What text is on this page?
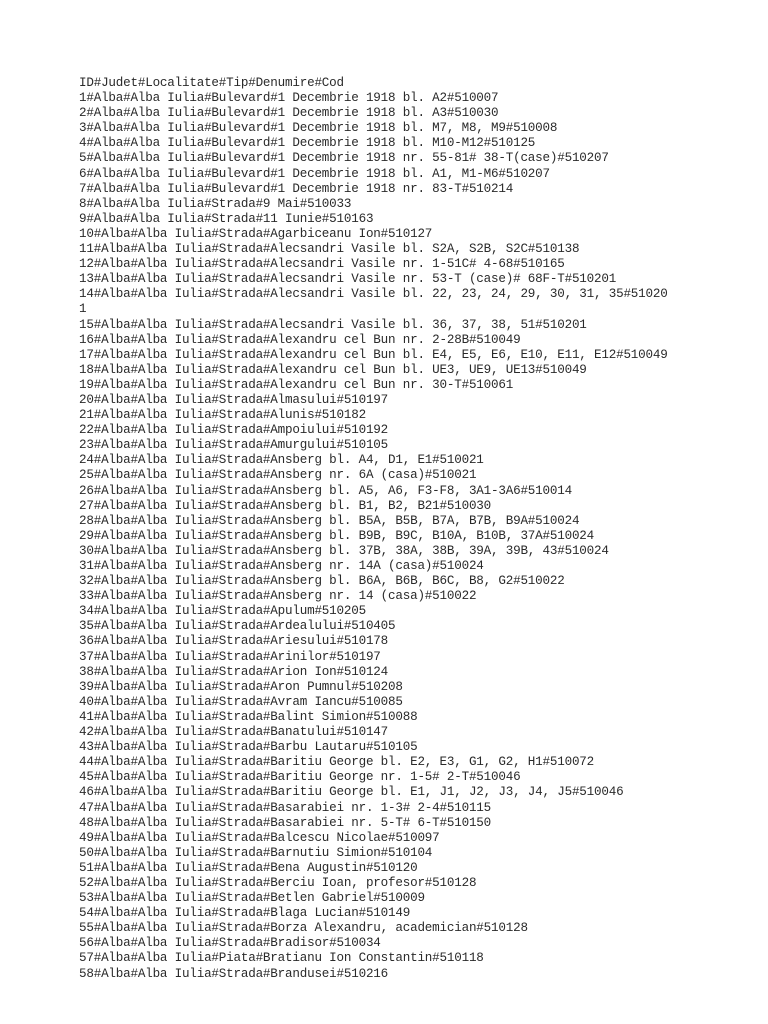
ID#Judet#Localitate#Tip#Denumire#Cod
1#Alba#Alba Iulia#Bulevard#1 Decembrie 1918 bl. A2#510007
2#Alba#Alba Iulia#Bulevard#1 Decembrie 1918 bl. A3#510030
3#Alba#Alba Iulia#Bulevard#1 Decembrie 1918 bl. M7, M8, M9#510008
4#Alba#Alba Iulia#Bulevard#1 Decembrie 1918 bl. M10-M12#510125
5#Alba#Alba Iulia#Bulevard#1 Decembrie 1918 nr. 55-81# 38-T(case)#510207
6#Alba#Alba Iulia#Bulevard#1 Decembrie 1918 bl. A1, M1-M6#510207
7#Alba#Alba Iulia#Bulevard#1 Decembrie 1918 nr. 83-T#510214
8#Alba#Alba Iulia#Strada#9 Mai#510033
9#Alba#Alba Iulia#Strada#11 Iunie#510163
10#Alba#Alba Iulia#Strada#Agarbiceanu Ion#510127
11#Alba#Alba Iulia#Strada#Alecsandri Vasile bl. S2A, S2B, S2C#510138
12#Alba#Alba Iulia#Strada#Alecsandri Vasile nr. 1-51C# 4-68#510165
13#Alba#Alba Iulia#Strada#Alecsandri Vasile nr. 53-T (case)# 68F-T#510201
14#Alba#Alba Iulia#Strada#Alecsandri Vasile bl. 22, 23, 24, 29, 30, 31, 35#51020
1
15#Alba#Alba Iulia#Strada#Alecsandri Vasile bl. 36, 37, 38, 51#510201
16#Alba#Alba Iulia#Strada#Alexandru cel Bun nr. 2-28B#510049
17#Alba#Alba Iulia#Strada#Alexandru cel Bun bl. E4, E5, E6, E10, E11, E12#510049
18#Alba#Alba Iulia#Strada#Alexandru cel Bun bl. UE3, UE9, UE13#510049
19#Alba#Alba Iulia#Strada#Alexandru cel Bun nr. 30-T#510061
20#Alba#Alba Iulia#Strada#Almasului#510197
21#Alba#Alba Iulia#Strada#Alunis#510182
22#Alba#Alba Iulia#Strada#Ampoiului#510192
23#Alba#Alba Iulia#Strada#Amurgului#510105
24#Alba#Alba Iulia#Strada#Ansberg bl. A4, D1, E1#510021
25#Alba#Alba Iulia#Strada#Ansberg nr. 6A (casa)#510021
26#Alba#Alba Iulia#Strada#Ansberg bl. A5, A6, F3-F8, 3A1-3A6#510014
27#Alba#Alba Iulia#Strada#Ansberg bl. B1, B2, B21#510030
28#Alba#Alba Iulia#Strada#Ansberg bl. B5A, B5B, B7A, B7B, B9A#510024
29#Alba#Alba Iulia#Strada#Ansberg bl. B9B, B9C, B10A, B10B, 37A#510024
30#Alba#Alba Iulia#Strada#Ansberg bl. 37B, 38A, 38B, 39A, 39B, 43#510024
31#Alba#Alba Iulia#Strada#Ansberg nr. 14A (casa)#510024
32#Alba#Alba Iulia#Strada#Ansberg bl. B6A, B6B, B6C, B8, G2#510022
33#Alba#Alba Iulia#Strada#Ansberg nr. 14 (casa)#510022
34#Alba#Alba Iulia#Strada#Apulum#510205
35#Alba#Alba Iulia#Strada#Ardealului#510405
36#Alba#Alba Iulia#Strada#Ariesului#510178
37#Alba#Alba Iulia#Strada#Arinilor#510197
38#Alba#Alba Iulia#Strada#Arion Ion#510124
39#Alba#Alba Iulia#Strada#Aron Pumnul#510208
40#Alba#Alba Iulia#Strada#Avram Iancu#510085
41#Alba#Alba Iulia#Strada#Balint Simion#510088
42#Alba#Alba Iulia#Strada#Banatului#510147
43#Alba#Alba Iulia#Strada#Barbu Lautaru#510105
44#Alba#Alba Iulia#Strada#Baritiu George bl. E2, E3, G1, G2, H1#510072
45#Alba#Alba Iulia#Strada#Baritiu George nr. 1-5# 2-T#510046
46#Alba#Alba Iulia#Strada#Baritiu George bl. E1, J1, J2, J3, J4, J5#510046
47#Alba#Alba Iulia#Strada#Basarabiei nr. 1-3# 2-4#510115
48#Alba#Alba Iulia#Strada#Basarabiei nr. 5-T# 6-T#510150
49#Alba#Alba Iulia#Strada#Balcescu Nicolae#510097
50#Alba#Alba Iulia#Strada#Barnutiu Simion#510104
51#Alba#Alba Iulia#Strada#Bena Augustin#510120
52#Alba#Alba Iulia#Strada#Berciu Ioan, profesor#510128
53#Alba#Alba Iulia#Strada#Betlen Gabriel#510009
54#Alba#Alba Iulia#Strada#Blaga Lucian#510149
55#Alba#Alba Iulia#Strada#Borza Alexandru, academician#510128
56#Alba#Alba Iulia#Strada#Bradisor#510034
57#Alba#Alba Iulia#Piata#Bratianu Ion Constantin#510118
58#Alba#Alba Iulia#Strada#Brandusei#510216
